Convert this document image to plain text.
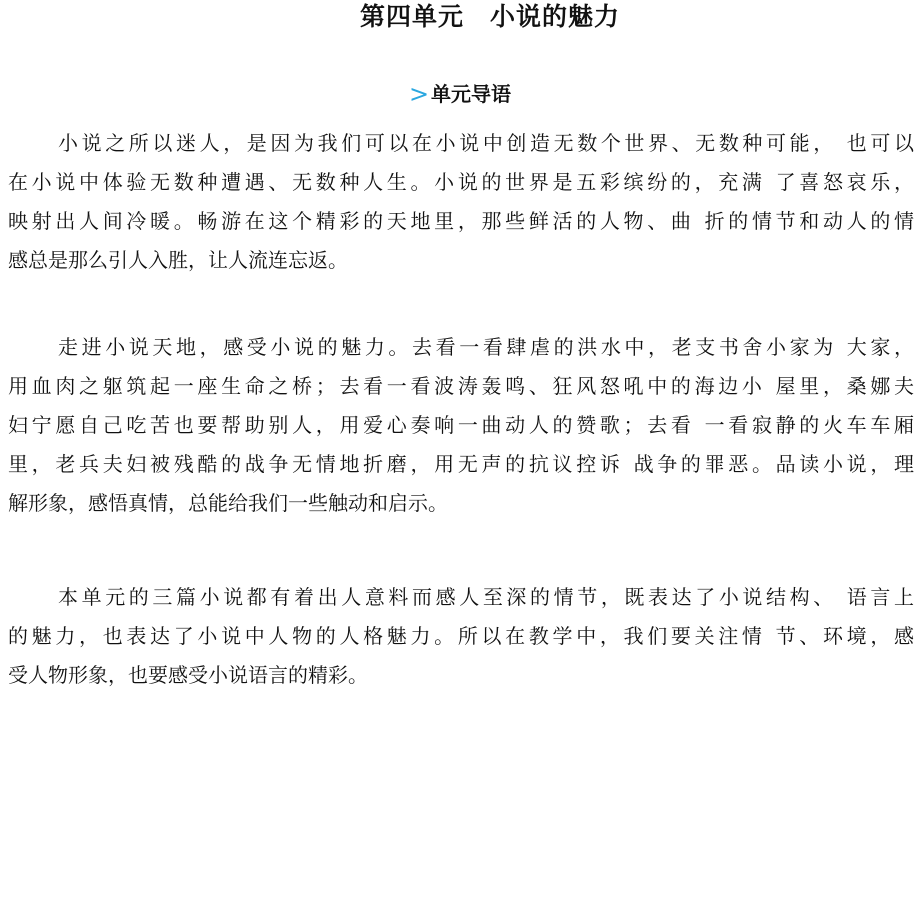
第四单元　小说的魅力
> 单元导语
小说之所以迷人，是因为我们可以在小说中创造无数个世界、无数种可能， 也可以
在小说中体验无数种遭遇、无数种人生。小说的世界是五彩缤纷的，充满 了喜怒哀乐，
映射出人间冷暖。畅游在这个精彩的天地里，那些鲜活的人物、曲 折的情节和动人的情
感总是那么引人入胜，让人流连忘返。
走进小说天地，感受小说的魅力。去看一看肆虐的洪水中，老支书舍小家为 大家，
用血肉之躯筑起一座生命之桥；去看一看波涛轰鸣、狂风怒吼中的海边小 屋里，桑娜夫
妇宁愿自己吃苦也要帮助别人，用爱心奏响一曲动人的赞歌；去看 一看寂静的火车车厢
里，老兵夫妇被残酷的战争无情地折磨，用无声的抗议控诉 战争的罪恶。品读小说，理
解形象，感悟真情，总能给我们一些触动和启示。
本单元的三篇小说都有着出人意料而感人至深的情节，既表达了小说结构、 语言上
的魅力，也表达了小说中人物的人格魅力。所以在教学中，我们要关注情 节、环境，感
受人物形象，也要感受小说语言的精彩。
